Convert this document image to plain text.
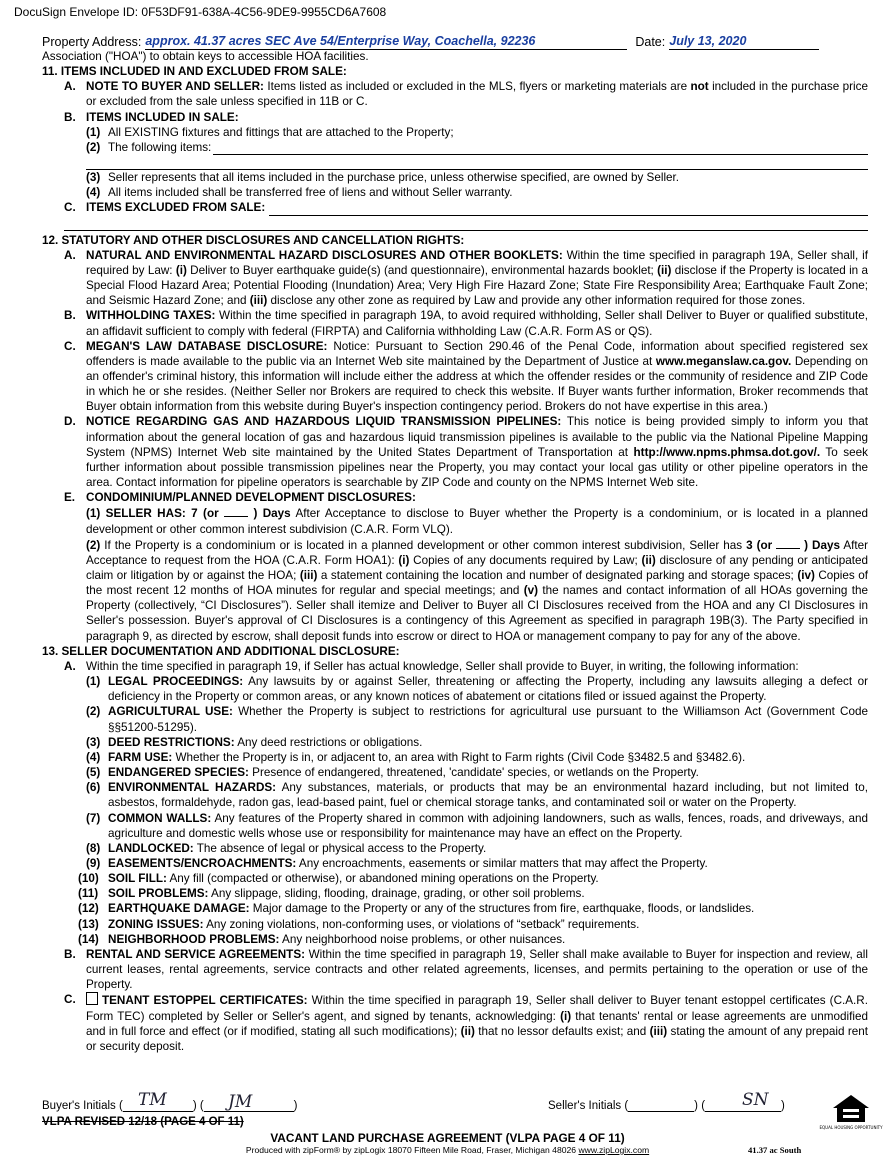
DocuSign Envelope ID: 0F53DF91-638A-4C56-9DE9-9955CD6A7608
Property Address: approx. 41.37 acres SEC Ave 54/Enterprise Way, Coachella, 92236	Date: July 13, 2020

Association ("HOA") to obtain keys to accessible HOA facilities.

11. ITEMS INCLUDED IN AND EXCLUDED FROM SALE:

A. NOTE TO BUYER AND SELLER: Items listed as included or excluded in the MLS, flyers or marketing materials are not included in the purchase price or excluded from the sale unless specified in 11B or C.
B. ITEMS INCLUDED IN SALE:
(1) All EXISTING fixtures and fittings that are attached to the Property;
(2) The following items:
(3) Seller represents that all items included in the purchase price, unless otherwise specified, are owned by Seller.
(4) All items included shall be transferred free of liens and without Seller warranty.
C. ITEMS EXCLUDED FROM SALE:

12. STATUTORY AND OTHER DISCLOSURES AND CANCELLATION RIGHTS:

A. NATURAL AND ENVIRONMENTAL HAZARD DISCLOSURES AND OTHER BOOKLETS: Within the time specified in paragraph 19A, Seller shall, if required by Law: (i) Deliver to Buyer earthquake guide(s) (and questionnaire), environmental hazards booklet; (ii) disclose if the Property is located in a Special Flood Hazard Area; Potential Flooding (Inundation) Area; Very High Fire Hazard Zone; State Fire Responsibility Area; Earthquake Fault Zone; and Seismic Hazard Zone; and (iii) disclose any other zone as required by Law and provide any other information required for those zones.
B. WITHHOLDING TAXES: Within the time specified in paragraph 19A, to avoid required withholding, Seller shall Deliver to Buyer or qualified substitute, an affidavit sufficient to comply with federal (FIRPTA) and California withholding Law (C.A.R. Form AS or QS).
C. MEGAN'S LAW DATABASE DISCLOSURE: Notice: Pursuant to Section 290.46 of the Penal Code, information about specified registered sex offenders is made available to the public via an Internet Web site maintained by the Department of Justice at www.meganslaw.ca.gov. Depending on an offender's criminal history, this information will include either the address at which the offender resides or the community of residence and ZIP Code in which he or she resides. (Neither Seller nor Brokers are required to check this website. If Buyer wants further information, Broker recommends that Buyer obtain information from this website during Buyer's inspection contingency period. Brokers do not have expertise in this area.)
D. NOTICE REGARDING GAS AND HAZARDOUS LIQUID TRANSMISSION PIPELINES: This notice is being provided simply to inform you that information about the general location of gas and hazardous liquid transmission pipelines is available to the public via the National Pipeline Mapping System (NPMS) Internet Web site maintained by the United States Department of Transportation at http://www.npms.phmsa.dot.gov/. To seek further information about possible transmission pipelines near the Property, you may contact your local gas utility or other pipeline operators in the area. Contact information for pipeline operators is searchable by ZIP Code and county on the NPMS Internet Web site.
E. CONDOMINIUM/PLANNED DEVELOPMENT DISCLOSURES:
(1) SELLER HAS: 7 (or	) Days After Acceptance to disclose to Buyer whether the Property is a condominium, or is located in a planned development or other common interest subdivision (C.A.R. Form VLQ).
(2) If the Property is a condominium or is located in a planned development or other common interest subdivision, Seller has 3 (or	) Days After Acceptance to request from the HOA (C.A.R. Form HOA1): (i) Copies of any documents required by Law; (ii) disclosure of any pending or anticipated claim or litigation by or against the HOA; (iii) a statement containing the location and number of designated parking and storage spaces; (iv) Copies of the most recent 12 months of HOA minutes for regular and special meetings; and (v) the names and contact information of all HOAs governing the Property (collectively, “CI Disclosures”). Seller shall itemize and Deliver to Buyer all CI Disclosures received from the HOA and any CI Disclosures in Seller's possession. Buyer's approval of CI Disclosures is a contingency of this Agreement as specified in paragraph 19B(3). The Party specified in paragraph 9, as directed by escrow, shall deposit funds into escrow or direct to HOA or management company to pay for any of the above.

13. SELLER DOCUMENTATION AND ADDITIONAL DISCLOSURE:

A. Within the time specified in paragraph 19, if Seller has actual knowledge, Seller shall provide to Buyer, in writing, the following information:
(1) LEGAL PROCEEDINGS: Any lawsuits by or against Seller, threatening or affecting the Property, including any lawsuits alleging a defect or deficiency in the Property or common areas, or any known notices of abatement or citations filed or issued against the Property.
(2) AGRICULTURAL USE: Whether the Property is subject to restrictions for agricultural use pursuant to the Williamson Act (Government Code §§51200-51295).
(3) DEED RESTRICTIONS: Any deed restrictions or obligations.
(4) FARM USE: Whether the Property is in, or adjacent to, an area with Right to Farm rights (Civil Code §3482.5 and §3482.6).
(5) ENDANGERED SPECIES: Presence of endangered, threatened, 'candidate' species, or wetlands on the Property.
(6) ENVIRONMENTAL HAZARDS: Any substances, materials, or products that may be an environmental hazard including, but not limited to, asbestos, formaldehyde, radon gas, lead-based paint, fuel or chemical storage tanks, and contaminated soil or water on the Property.
(7) COMMON WALLS: Any features of the Property shared in common with adjoining landowners, such as walls, fences, roads, and driveways, and agriculture and domestic wells whose use or responsibility for maintenance may have an effect on the Property.
(8) LANDLOCKED: The absence of legal or physical access to the Property.
(9) EASEMENTS/ENCROACHMENTS: Any encroachments, easements or similar matters that may affect the Property.
(10) SOIL FILL: Any fill (compacted or otherwise), or abandoned mining operations on the Property.
(11) SOIL PROBLEMS: Any slippage, sliding, flooding, drainage, grading, or other soil problems.
(12) EARTHQUAKE DAMAGE: Major damage to the Property or any of the structures from fire, earthquake, floods, or landslides.
(13) ZONING ISSUES: Any zoning violations, non-conforming uses, or violations of “setback” requirements.
(14) NEIGHBORHOOD PROBLEMS: Any neighborhood noise problems, or other nuisances.
B. RENTAL AND SERVICE AGREEMENTS: Within the time specified in paragraph 19, Seller shall make available to Buyer for inspection and review, all current leases, rental agreements, service contracts and other related agreements, licenses, and permits pertaining to the operation or use of the Property.
C. TENANT ESTOPPEL CERTIFICATES: Within the time specified in paragraph 19, Seller shall deliver to Buyer tenant estoppel certificates (C.A.R. Form TEC) completed by Seller or Seller's agent, and signed by tenants, acknowledging: (i) that tenants' rental or lease agreements are unmodified and in full force and effect (or if modified, stating all such modifications); (ii) that no lessor defaults exist; and (iii) stating the amount of any prepaid rent or security deposit.
Buyer's Initials (	) (	)
TM	JM	Seller's Initials (	) (	)
SN
EQUAL HOUSING OPPORTUNITY
VLPA REVISED 12/18 (PAGE 4 OF 11)
VACANT LAND PURCHASE AGREEMENT (VLPA PAGE 4 OF 11)
Produced with zipForm® by zipLogix 18070 Fifteen Mile Road, Fraser, Michigan 48026 www.zipLogix.com	41.37 ac South
